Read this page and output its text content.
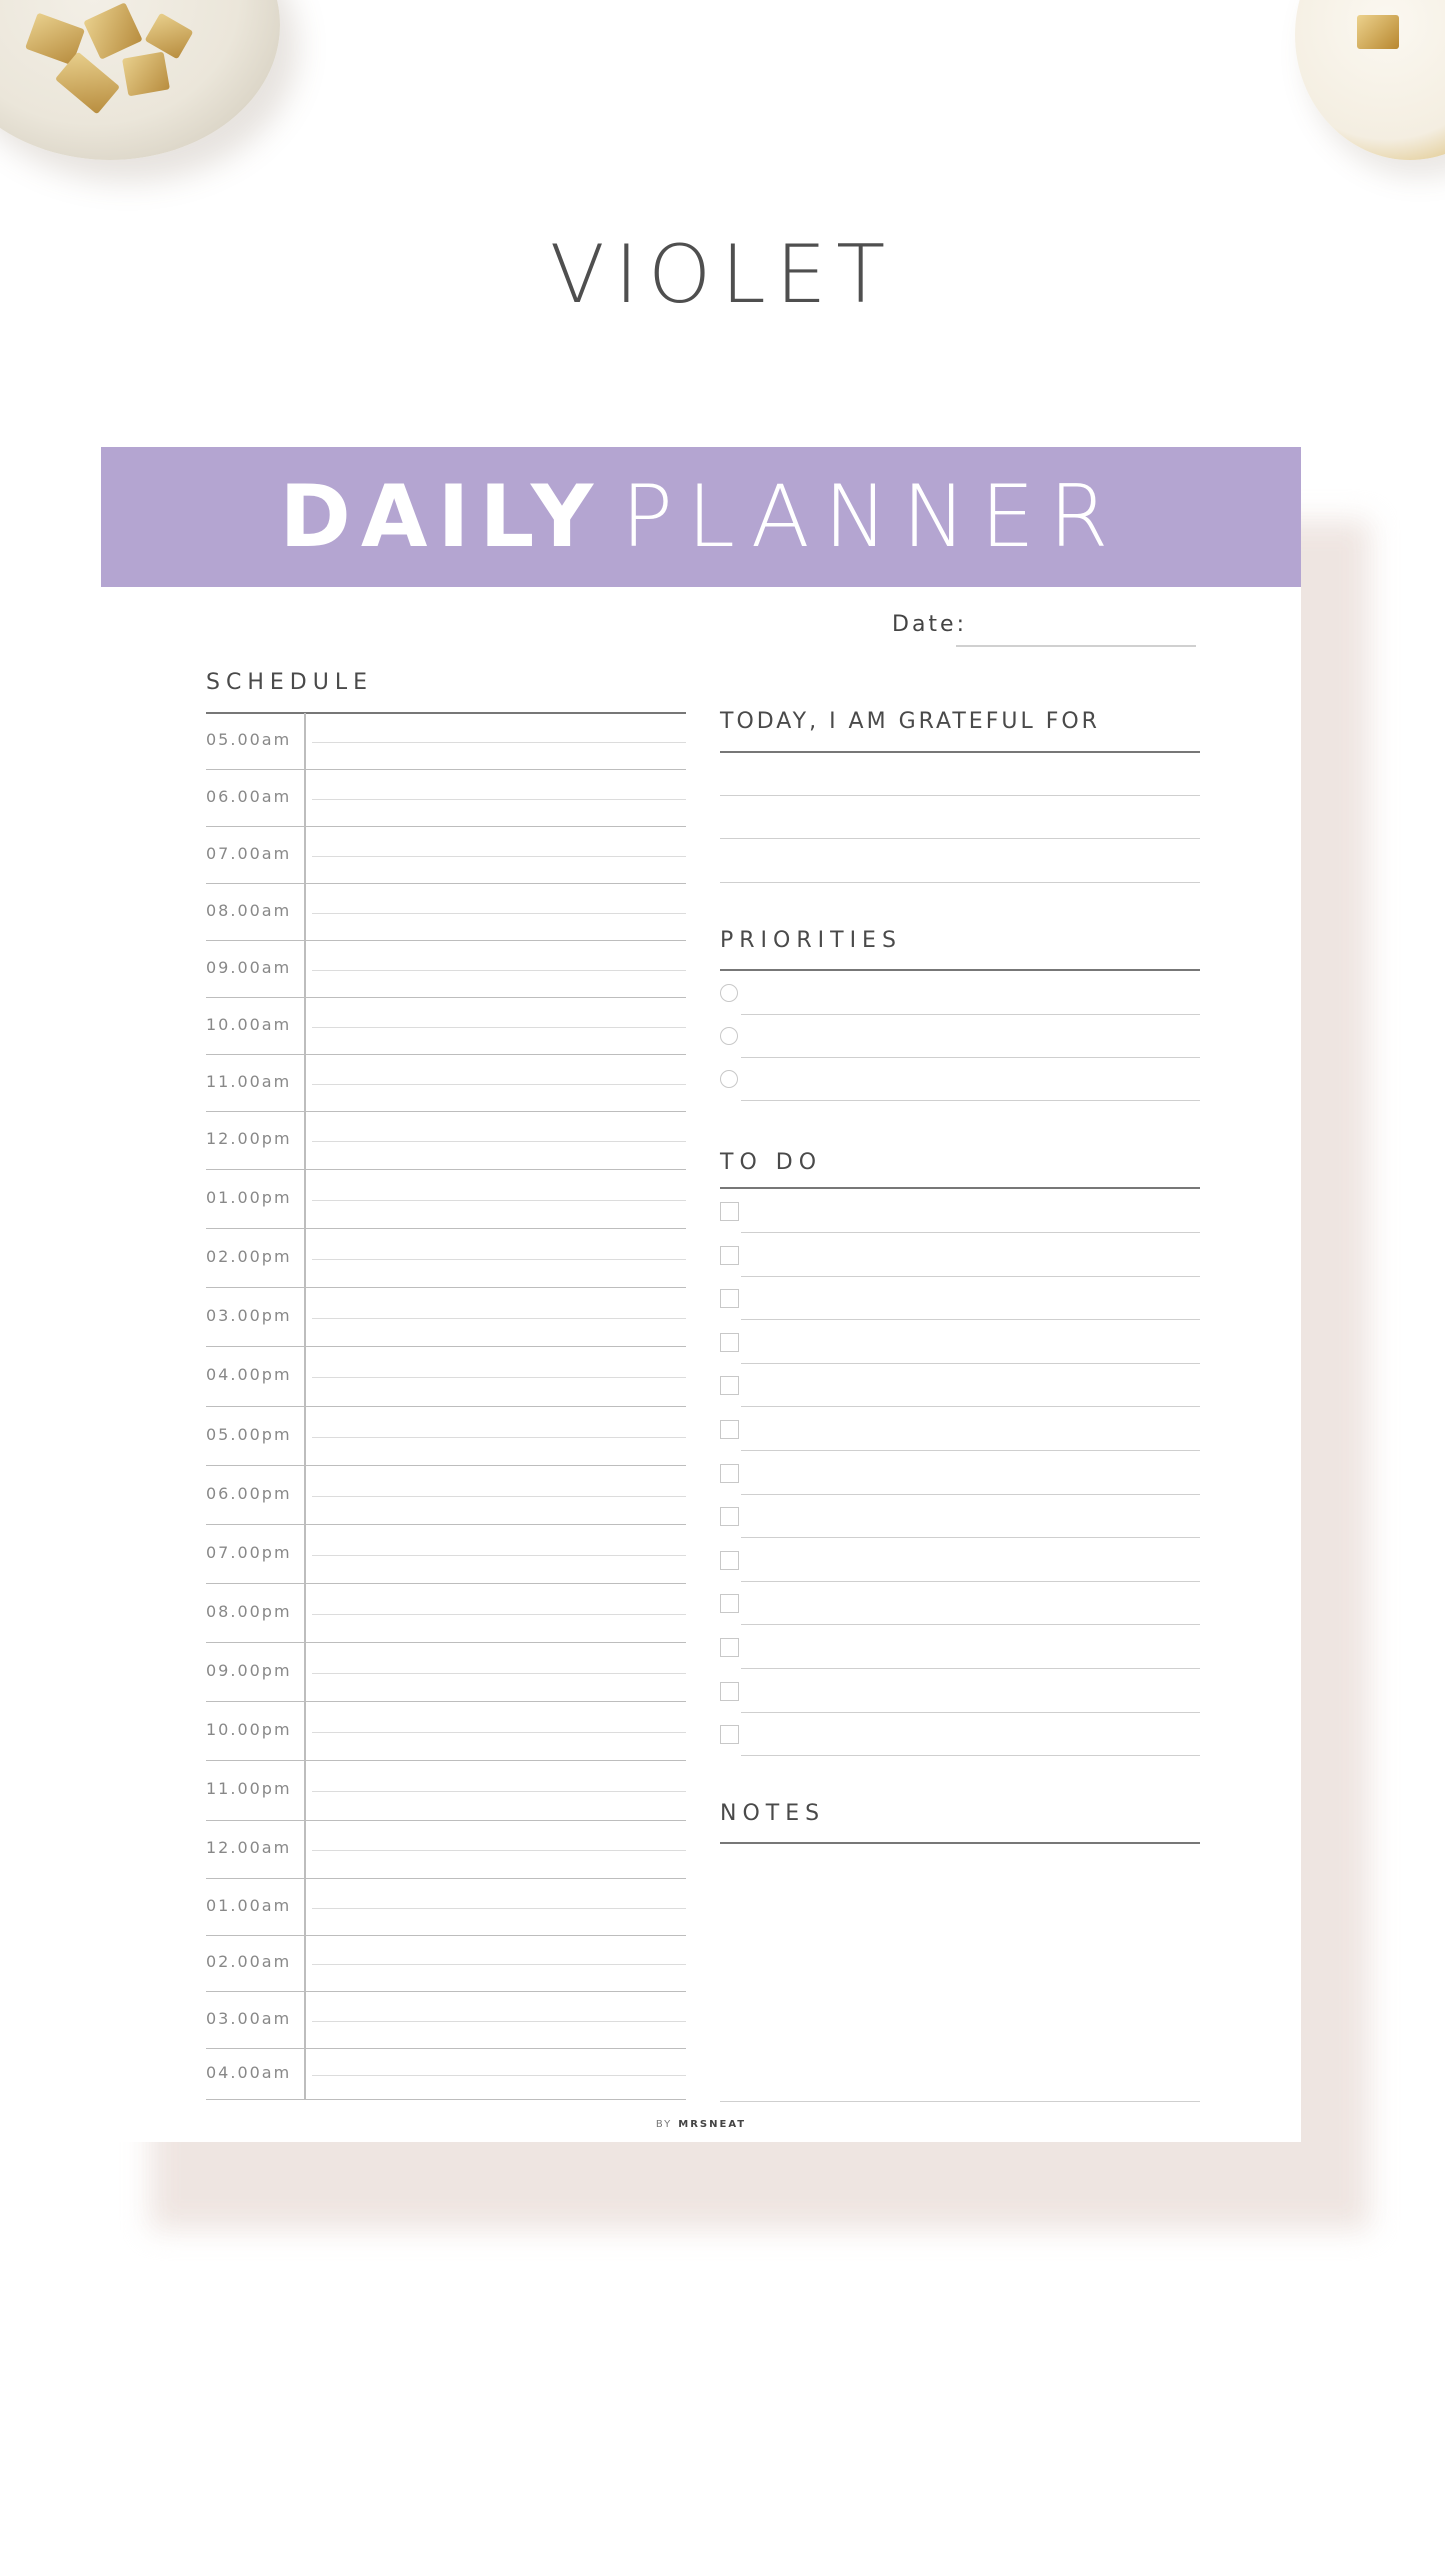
VIOLET
DAILY PLANNER
Date:
SCHEDULE
05.00am
06.00am
07.00am
08.00am
09.00am
10.00am
11.00am
12.00pm
01.00pm
02.00pm
03.00pm
04.00pm
05.00pm
06.00pm
07.00pm
08.00pm
09.00pm
10.00pm
11.00pm
12.00am
01.00am
02.00am
03.00am
04.00am
TODAY, I AM GRATEFUL FOR
PRIORITIES
TO DO
NOTES
BY MRSNEAT
